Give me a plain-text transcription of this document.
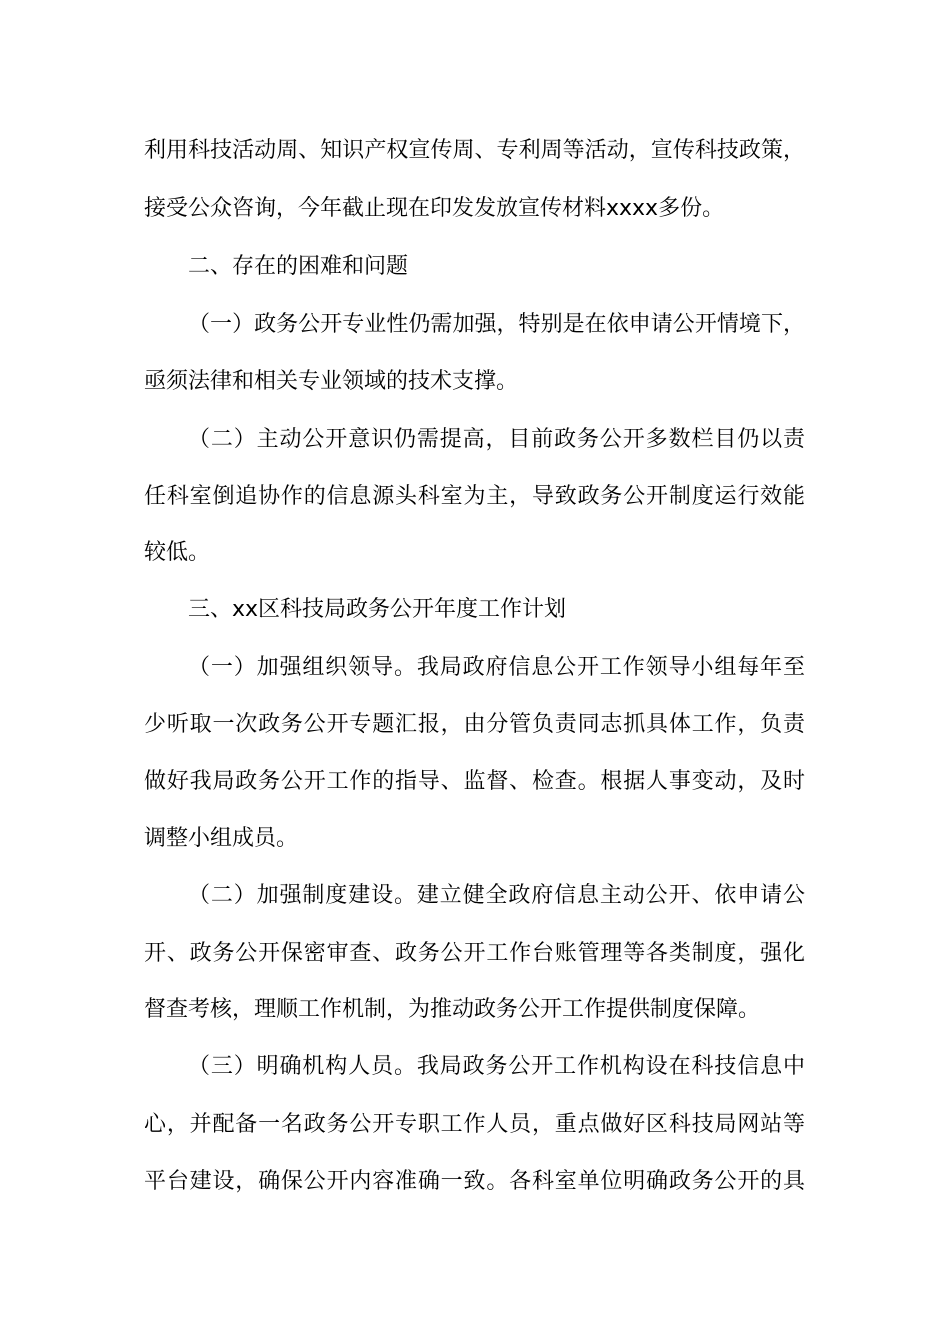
利用科技活动周、知识产权宣传周、专利周等活动，宣传科技政策，

接受公众咨询，今年截止现在印发发放宣传材料xxxx多份。

二、存在的困难和问题

（一）政务公开专业性仍需加强，特别是在依申请公开情境下，

亟须法律和相关专业领域的技术支撑。

（二）主动公开意识仍需提高，目前政务公开多数栏目仍以责

任科室倒追协作的信息源头科室为主，导致政务公开制度运行效能

较低。

三、xx区科技局政务公开年度工作计划

（一）加强组织领导。我局政府信息公开工作领导小组每年至

少听取一次政务公开专题汇报，由分管负责同志抓具体工作，负责

做好我局政务公开工作的指导、监督、检查。根据人事变动，及时

调整小组成员。

（二）加强制度建设。建立健全政府信息主动公开、依申请公

开、政务公开保密审查、政务公开工作台账管理等各类制度，强化

督查考核，理顺工作机制，为推动政务公开工作提供制度保障。

（三）明确机构人员。我局政务公开工作机构设在科技信息中

心，并配备一名政务公开专职工作人员，重点做好区科技局网站等

平台建设，确保公开内容准确一致。各科室单位明确政务公开的具
